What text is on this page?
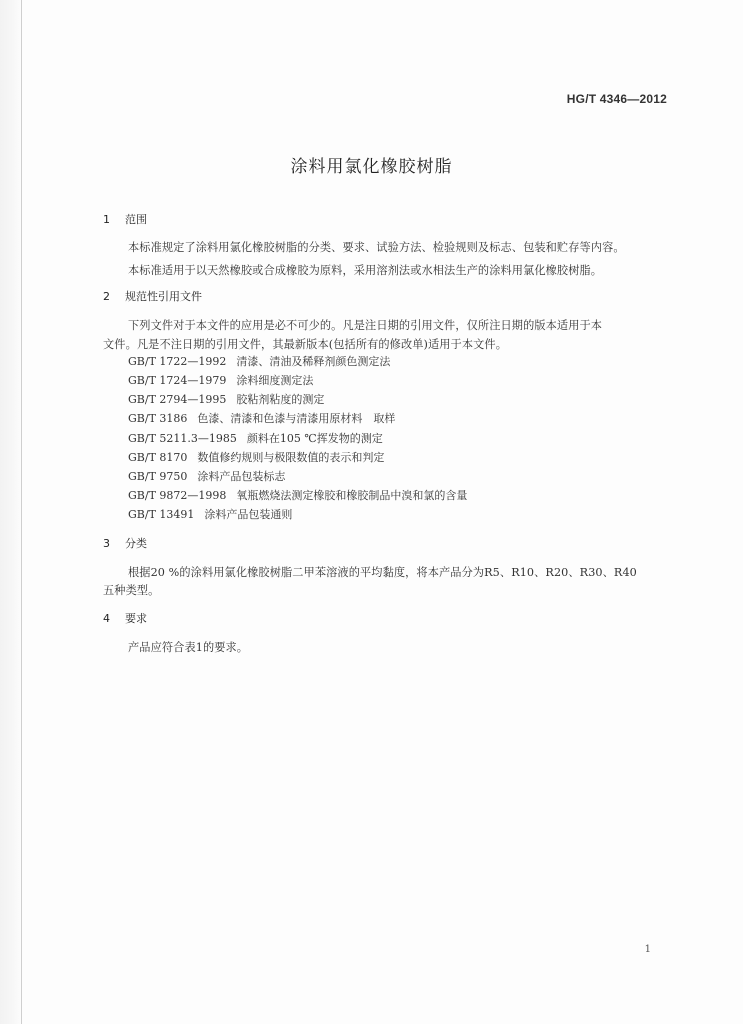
HG/T 4346—2012
涂料用氯化橡胶树脂
1 范围
本标准规定了涂料用氯化橡胶树脂的分类、要求、试验方法、检验规则及标志、包装和贮存等内容。
本标准适用于以天然橡胶或合成橡胶为原料，采用溶剂法或水相法生产的涂料用氯化橡胶树脂。
2 规范性引用文件
下列文件对于本文件的应用是必不可少的。凡是注日期的引用文件，仅所注日期的版本适用于本
文件。凡是不注日期的引用文件，其最新版本(包括所有的修改单)适用于本文件。
GB/T 1722—1992 清漆、清油及稀释剂颜色测定法
GB/T 1724—1979 涂料细度测定法
GB/T 2794—1995 胶粘剂粘度的测定
GB/T 3186 色漆、清漆和色漆与清漆用原材料　取样
GB/T 5211.3—1985 颜料在105 ℃挥发物的测定
GB/T 8170 数值修约规则与极限数值的表示和判定
GB/T 9750 涂料产品包装标志
GB/T 9872—1998 氧瓶燃烧法测定橡胶和橡胶制品中溴和氯的含量
GB/T 13491 涂料产品包装通则
3 分类
根据20 %的涂料用氯化橡胶树脂二甲苯溶液的平均黏度，将本产品分为R5、R10、R20、R30、R40
五种类型。
4 要求
产品应符合表1的要求。
1
